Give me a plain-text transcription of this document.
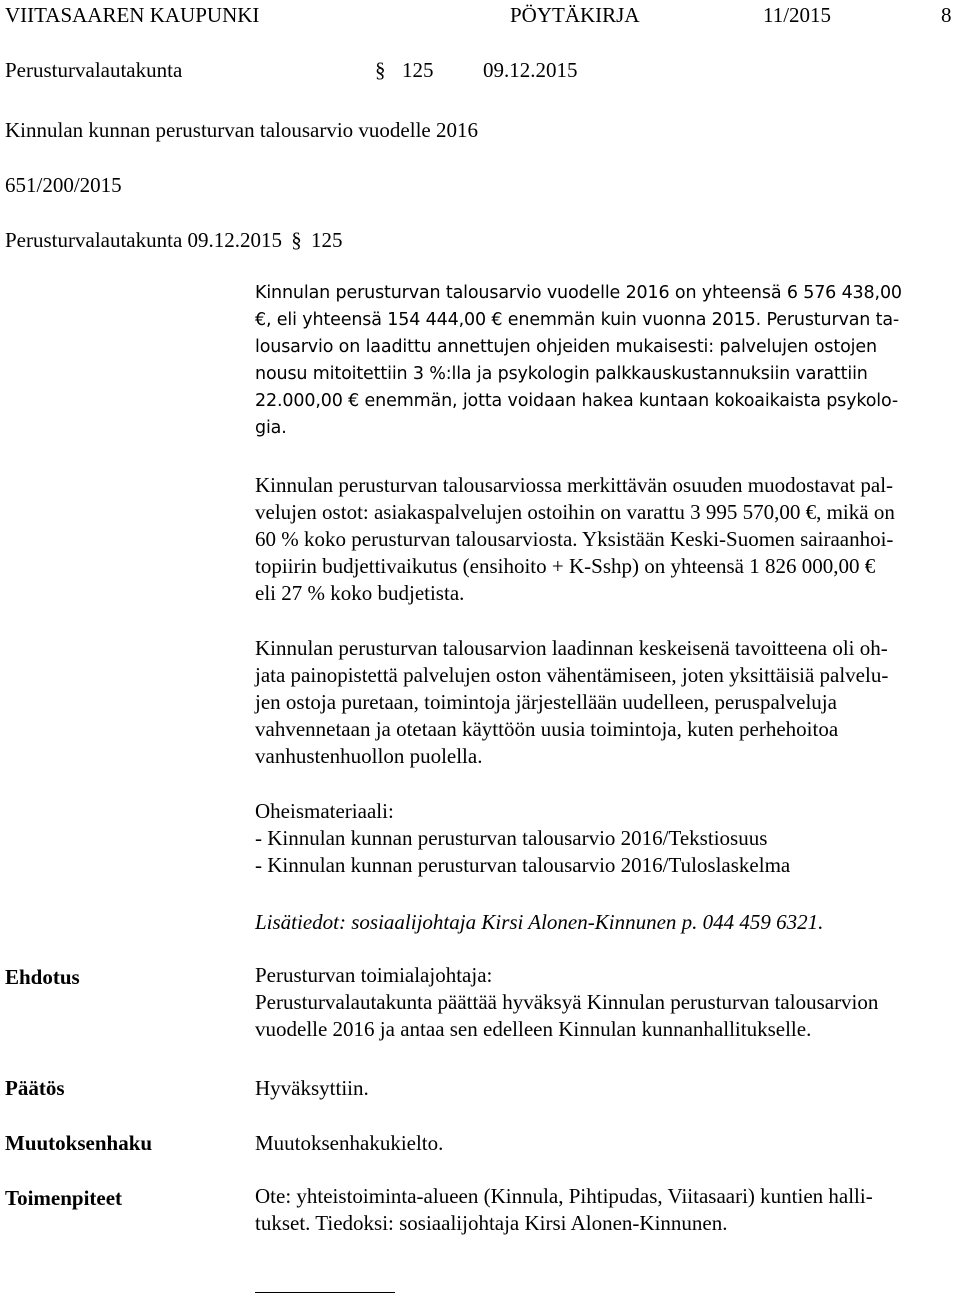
VIITASAAREN KAUPUNKI	PÖYTÄKIRJA	11/2015	8
Perusturvalautakunta	§ 125 09.12.2015
Kinnulan kunnan perusturvan talousarvio vuodelle 2016
651/200/2015
Perusturvalautakunta 09.12.2015 § 125
Kinnulan perusturvan talousarvio vuodelle 2016 on yhteensä 6 576 438,00
€, eli yhteensä 154 444,00 € enemmän kuin vuonna 2015. Perusturvan ta-
lousarvio on laadittu annettujen ohjeiden mukaisesti: palvelujen ostojen
nousu mitoitettiin 3 %:lla ja psykologin palkkauskustannuksiin varattiin
22.000,00 € enemmän, jotta voidaan hakea kuntaan kokoaikaista psykolo-
gia.
Kinnulan perusturvan talousarviossa merkittävän osuuden muodostavat pal-
velujen ostot: asiakaspalvelujen ostoihin on varattu 3 995 570,00 €, mikä on
60 % koko perusturvan talousarviosta. Yksistään Keski-Suomen sairaanhoi-
topiirin budjettivaikutus (ensihoito + K-Sshp) on yhteensä 1 826 000,00 €
eli 27 % koko budjetista.
Kinnulan perusturvan talousarvion laadinnan keskeisenä tavoitteena oli oh-
jata painopistettä palvelujen oston vähentämiseen, joten yksittäisiä palvelu-
jen ostoja puretaan, toimintoja järjestellään uudelleen, peruspalveluja
vahvennetaan ja otetaan käyttöön uusia toimintoja, kuten perhehoitoa
vanhustenhuollon puolella.
Oheismateriaali:
- Kinnulan kunnan perusturvan talousarvio 2016/Tekstiosuus
- Kinnulan kunnan perusturvan talousarvio 2016/Tuloslaskelma
Lisätiedot: sosiaalijohtaja Kirsi Alonen-Kinnunen p. 044 459 6321.
Ehdotus	Perusturvan toimialajohtaja:
Perusturvalautakunta päättää hyväksyä Kinnulan perusturvan talousarvion
vuodelle 2016 ja antaa sen edelleen Kinnulan kunnanhallitukselle.
Päätös	Hyväksyttiin.
Muutoksenhaku	Muutoksenhakukielto.
Toimenpiteet	Ote: yhteistoiminta-alueen (Kinnula, Pihtipudas, Viitasaari) kuntien halli-
tukset. Tiedoksi: sosiaalijohtaja Kirsi Alonen-Kinnunen.
